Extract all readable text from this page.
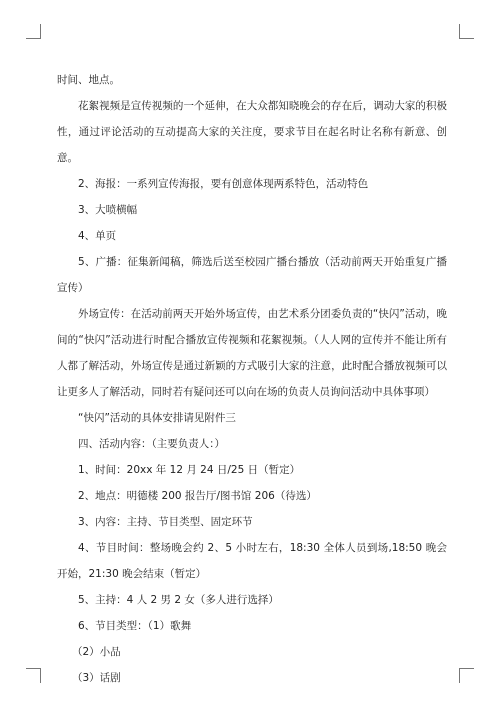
时间、地点。

花絮视频是宣传视频的一个延伸，在大众都知晓晚会的存在后，调动大家的积极性，通过评论活动的互动提高大家的关注度，要求节目在起名时让名称有新意、创意。

2、海报：一系列宣传海报，要有创意体现两系特色，活动特色

3、大喷横幅

4、单页

5、广播：征集新闻稿，筛选后送至校园广播台播放（活动前两天开始重复广播宣传）

外场宣传：在活动前两天开始外场宣传，由艺术系分团委负责的“快闪”活动，晚间的“快闪”活动进行时配合播放宣传视频和花絮视频。（人人网的宣传并不能让所有人都了解活动，外场宣传是通过新颖的方式吸引大家的注意，此时配合播放视频可以让更多人了解活动，同时若有疑问还可以向在场的负责人员询问活动中具体事项）

“快闪”活动的具体安排请见附件三

四、活动内容：（主要负责人：）

1、时间：20xx 年 12 月 24 日/25 日（暂定）

2、地点：明德楼 200 报告厅/图书馆 206（待选）

3、内容：主持、节目类型、固定环节

4、节目时间：整场晚会约 2、5 小时左右，18:30 全体人员到场,18:50 晚会开始，21:30 晚会结束（暂定）

5、主持：4 人 2 男 2 女（多人进行选择）

6、节目类型：（1）歌舞

（2）小品

（3）话剧
